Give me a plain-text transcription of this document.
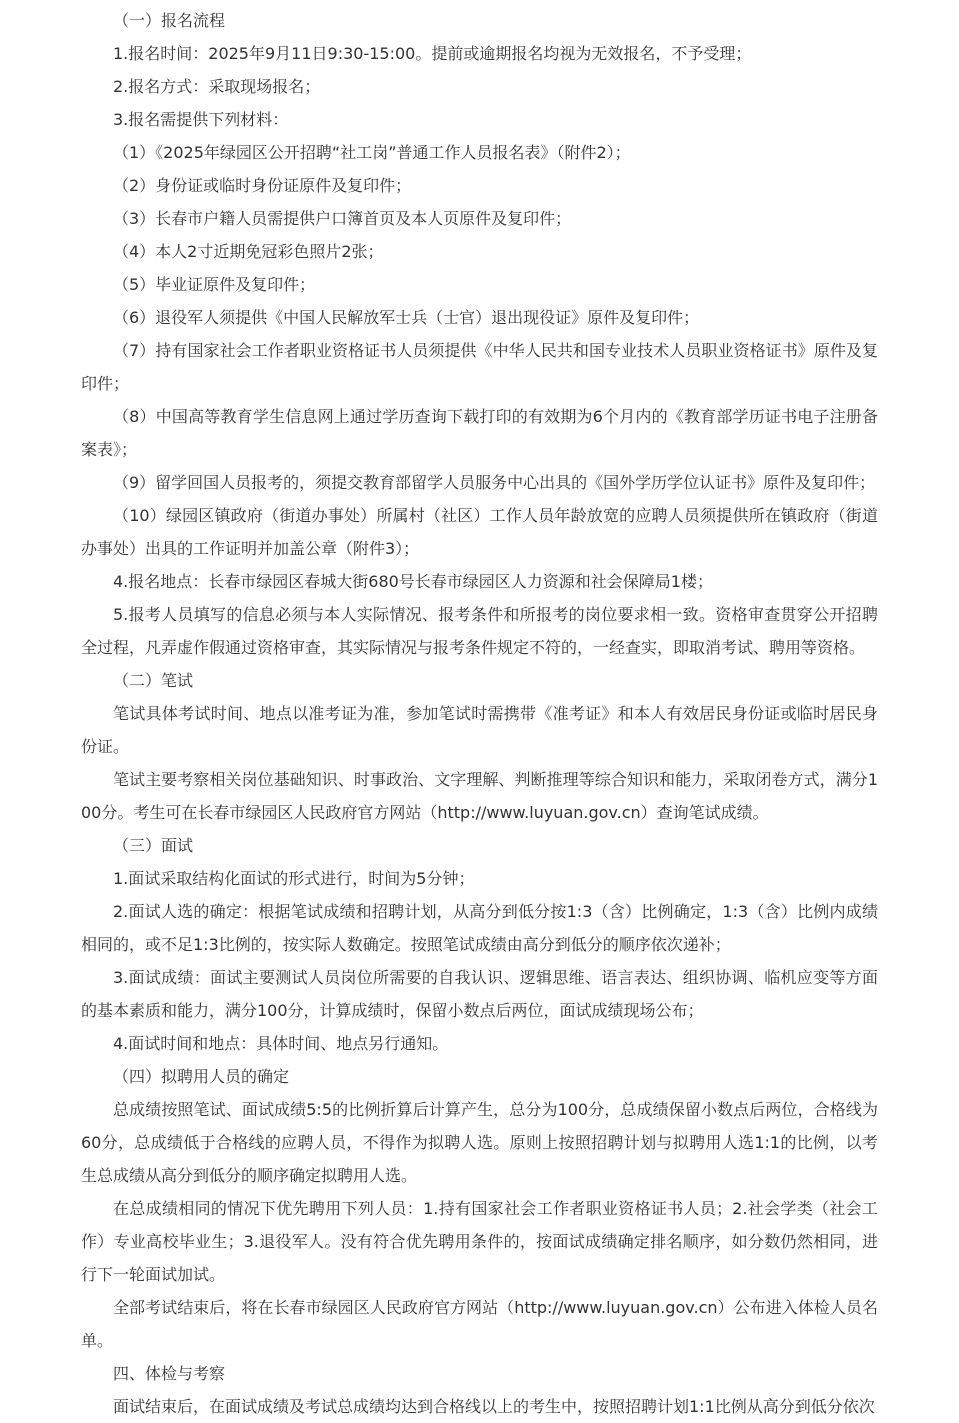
（一）报名流程

1.报名时间：2025年9月11日9:30-15:00。提前或逾期报名均视为无效报名，不予受理；

2.报名方式：采取现场报名；

3.报名需提供下列材料：

（1）《2025年绿园区公开招聘“社工岗”普通工作人员报名表》（附件2）；

（2）身份证或临时身份证原件及复印件；

（3）长春市户籍人员需提供户口簿首页及本人页原件及复印件；

（4）本人2寸近期免冠彩色照片2张；

（5）毕业证原件及复印件；

（6）退役军人须提供《中国人民解放军士兵（士官）退出现役证》原件及复印件；

（7）持有国家社会工作者职业资格证书人员须提供《中华人民共和国专业技术人员职业资格证书》原件及复印件；

（8）中国高等教育学生信息网上通过学历查询下载打印的有效期为6个月内的《教育部学历证书电子注册备案表》；

（9）留学回国人员报考的，须提交教育部留学人员服务中心出具的《国外学历学位认证书》原件及复印件；

（10）绿园区镇政府（街道办事处）所属村（社区）工作人员年龄放宽的应聘人员须提供所在镇政府（街道办事处）出具的工作证明并加盖公章（附件3）；

4.报名地点：长春市绿园区春城大街680号长春市绿园区人力资源和社会保障局1楼；

5.报考人员填写的信息必须与本人实际情况、报考条件和所报考的岗位要求相一致。资格审查贯穿公开招聘全过程，凡弄虚作假通过资格审查，其实际情况与报考条件规定不符的，一经查实，即取消考试、聘用等资格。

（二）笔试

笔试具体考试时间、地点以准考证为准，参加笔试时需携带《准考证》和本人有效居民身份证或临时居民身份证。

笔试主要考察相关岗位基础知识、时事政治、文字理解、判断推理等综合知识和能力，采取闭卷方式，满分100分。考生可在长春市绿园区人民政府官方网站（http://www.luyuan.gov.cn）查询笔试成绩。

（三）面试

1.面试采取结构化面试的形式进行，时间为5分钟；

2.面试人选的确定：根据笔试成绩和招聘计划，从高分到低分按1:3（含）比例确定，1:3（含）比例内成绩相同的，或不足1:3比例的，按实际人数确定。按照笔试成绩由高分到低分的顺序依次递补；

3.面试成绩：面试主要测试人员岗位所需要的自我认识、逻辑思维、语言表达、组织协调、临机应变等方面的基本素质和能力，满分100分，计算成绩时，保留小数点后两位，面试成绩现场公布；

4.面试时间和地点：具体时间、地点另行通知。

（四）拟聘用人员的确定

总成绩按照笔试、面试成绩5:5的比例折算后计算产生，总分为100分，总成绩保留小数点后两位，合格线为60分，总成绩低于合格线的应聘人员，不得作为拟聘人选。原则上按照招聘计划与拟聘用人选1:1的比例，以考生总成绩从高分到低分的顺序确定拟聘用人选。

在总成绩相同的情况下优先聘用下列人员：1.持有国家社会工作者职业资格证书人员；2.社会学类（社会工作）专业高校毕业生；3.退役军人。没有符合优先聘用条件的，按面试成绩确定排名顺序，如分数仍然相同，进行下一轮面试加试。

全部考试结束后，将在长春市绿园区人民政府官方网站（http://www.luyuan.gov.cn）公布进入体检人员名单。

四、体检与考察

面试结束后，在面试成绩及考试总成绩均达到合格线以上的考生中，按照招聘计划1:1比例从高分到低分依次
